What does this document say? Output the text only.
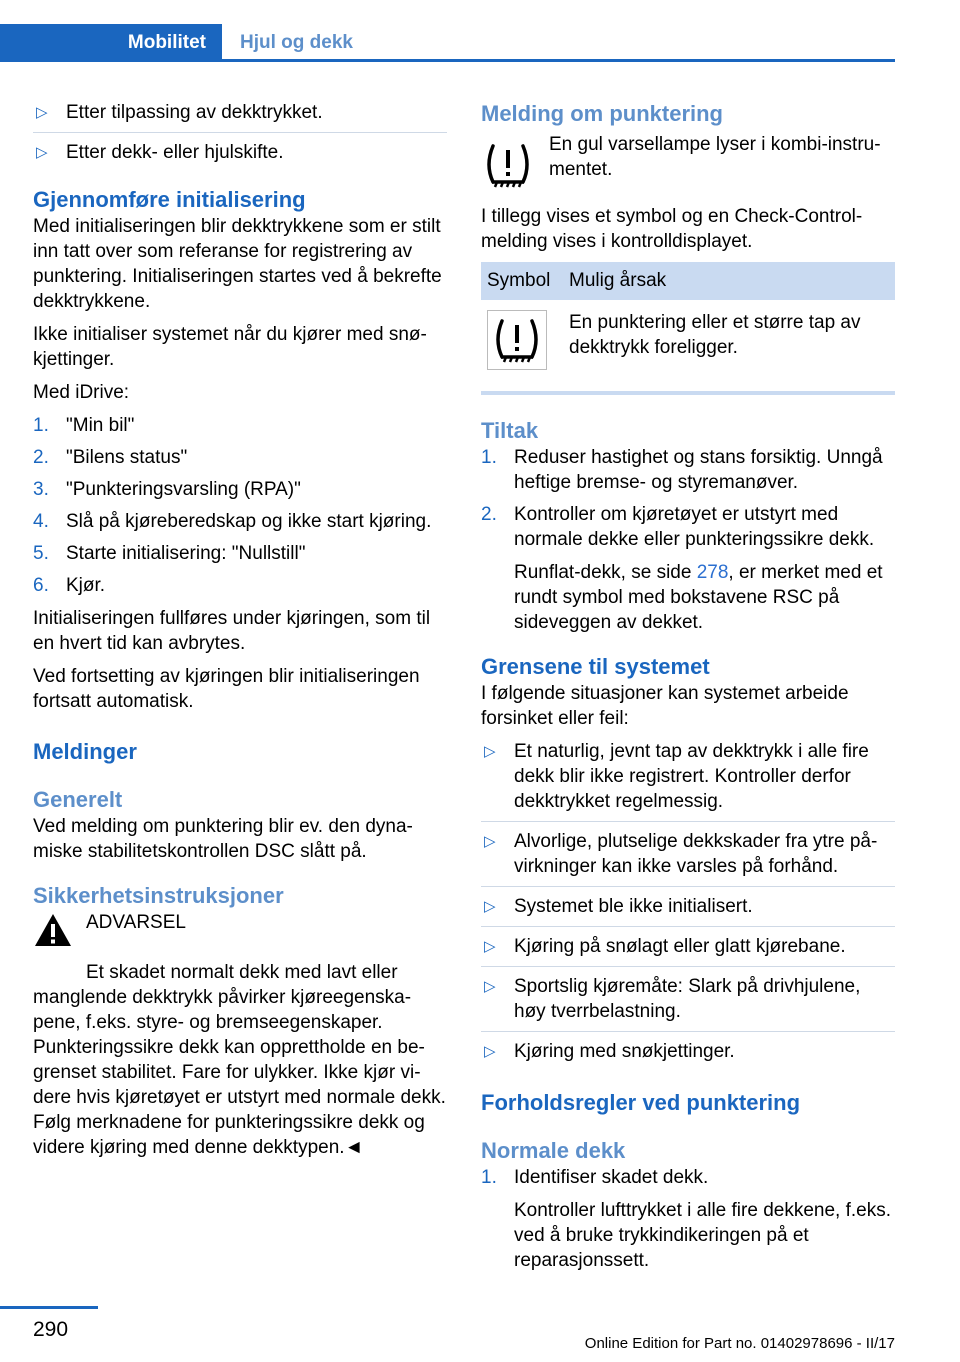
Mobilitet	Hjul og dekk
▷ Etter tilpassing av dekktrykket.
▷ Etter dekk- eller hjulskifte.
Gjennomføre initialisering

Med initialiseringen blir dekktrykkene som er stilt inn tatt over som referanse for registrering av punktering. Initialiseringen startes ved å bekrefte dekktrykkene.

Ikke initialiser systemet når du kjører med snøkjettinger.

Med iDrive:

1. "Min bil"
2. "Bilens status"
3. "Punkteringsvarsling (RPA)"
4. Slå på kjøreberedskap og ikke start kjøring.
5. Starte initialisering: "Nullstill"
6. Kjør.

Initialiseringen fullføres under kjøringen, som til en hvert tid kan avbrytes.

Ved fortsetting av kjøringen blir initialiseringen fortsatt automatisk.

Meldinger
Generelt

Ved melding om punktering blir ev. den dynamiske stabilitetskontrollen DSC slått på.

Sikkerhetsinstruksjoner

ADVARSEL

Et skadet normalt dekk med lavt eller manglende dekktrykk påvirker kjøreegenskapene, f.eks. styre- og bremseegenskaper. Punkteringssikre dekk kan opprettholde en begrenset stabilitet. Fare for ulykker. Ikke kjør videre hvis kjøretøyet er utstyrt med normale dekk. Følg merknadene for punkteringssikre dekk og videre kjøring med denne dekktypen.◄

Melding om punktering

En gul varsellampe lyser i kombi-instrumentet.

I tillegg vises et symbol og en Check-Control-melding vises i kontrolldisplayet.

Symbol	Mulig årsak
	En punktering eller et større tap av dekktrykk foreligger.
Tiltak
1. Reduser hastighet og stans forsiktig. Unngå heftige bremse- og styremanøver.
2. Kontroller om kjøretøyet er utstyrt med normale dekke eller punkteringssikre dekk.
Runflat-dekk, se side 278, er merket med et rundt symbol med bokstavene RSC på sideveggen av dekket.
Grensene til systemet

I følgende situasjoner kan systemet arbeide forsinket eller feil:

▷ Et naturlig, jevnt tap av dekktrykk i alle fire dekk blir ikke registrert. Kontroller derfor dekktrykket regelmessig.
▷ Alvorlige, plutselige dekkskader fra ytre påvirkninger kan ikke varsles på forhånd.
▷ Systemet ble ikke initialisert.
▷ Kjøring på snølagt eller glatt kjørebane.
▷ Sportslig kjøremåte: Slark på drivhjulene, høy tverrbelastning.
▷ Kjøring med snøkjettinger.
Forholdsregler ved punktering
Normale dekk
1. Identifiser skadet dekk.
Kontroller lufttrykket i alle fire dekkene, f.eks. ved å bruke trykkindikeringen på et reparasjonssett.
290
Online Edition for Part no. 01402978696 - II/17
